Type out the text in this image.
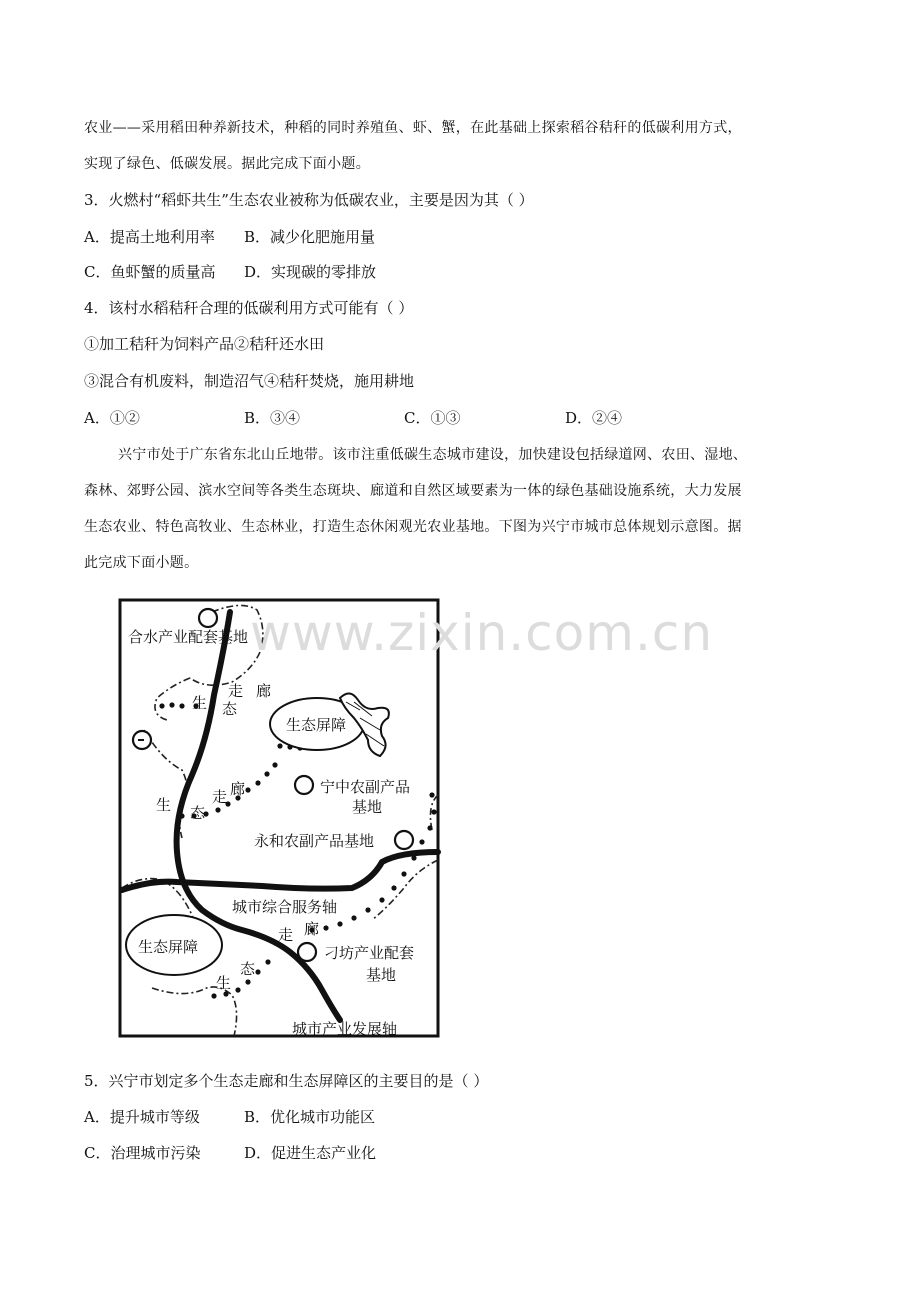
农业——采用稻田种养新技术，种稻的同时养殖鱼、虾、蟹，在此基础上探索稻谷秸秆的低碳利用方式，
实现了绿色、低碳发展。据此完成下面小题。
3．火燃村“稻虾共生”生态农业被称为低碳农业，主要是因为其（ ）
A．提高土地利用率 B．减少化肥施用量
C．鱼虾蟹的质量高 D．实现碳的零排放
4．该村水稻秸秆合理的低碳利用方式可能有（ ）
①加工秸秆为饲料产品②秸秆还水田
③混合有机废料，制造沼气④秸秆焚烧，施用耕地
A．①②	B．③④	C．①③	D．②④
兴宁市处于广东省东北山丘地带。该市注重低碳生态城市建设，加快建设包括绿道网、农田、湿地、
森林、郊野公园、滨水空间等各类生态斑块、廊道和自然区域要素为一体的绿色基础设施系统，大力发展
生态农业、特色高牧业、生态林业，打造生态休闲观光农业基地。下图为兴宁市城市总体规划示意图。据
此完成下面小题。
合水产业配套基地
生态屏障
宁中农副产品
基地
永和农副产品基地
城市综合服务轴
生态屏障	刁坊产业配套
基地
城市产业发展轴
生 态
走 廊
生 态
走 廊
走 廊
生
态
www.zixin.com.cn
5．兴宁市划定多个生态走廊和生态屏障区的主要目的是（ ）
A．提升城市等级	B．优化城市功能区
C．治理城市污染	D．促进生态产业化
